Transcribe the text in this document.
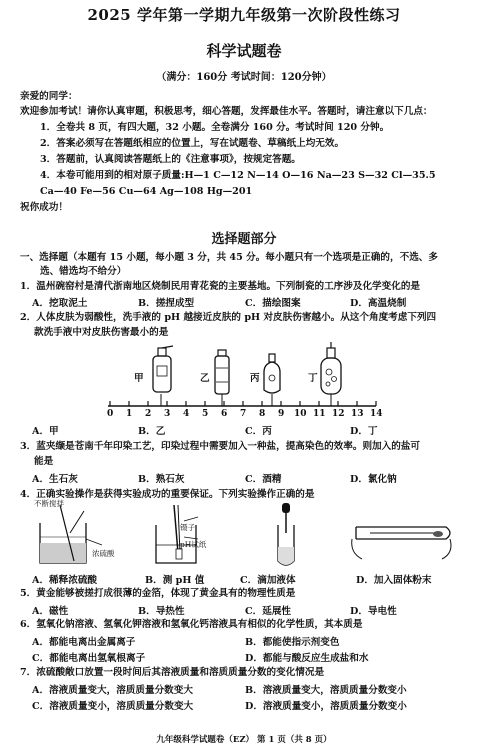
2025 学年第一学期九年级第一次阶段性练习
科学试题卷
（满分：160分 考试时间：120分钟）
亲爱的同学：
欢迎参加考试！请你认真审题，积极思考，细心答题，发挥最佳水平。答题时，请注意以下几点：
1．全卷共 8 页，有四大题，32 小题。全卷满分 160 分。考试时间 120 分钟。
2．答案必须写在答题纸相应的位置上，写在试题卷、草稿纸上均无效。
3．答题前，认真阅读答题纸上的《注意事项》，按规定答题。
4．本卷可能用到的相对原子质量:H—1 C—12 N—14 O—16 Na—23 S—32 Cl—35.5
Ca—40 Fe—56 Cu—64 Ag—108 Hg—201
祝你成功！
选择题部分
一、选择题（本题有 15 小题，每小题 3 分，共 45 分。每小题只有一个选项是正确的，不选、多
选、错选均不给分）
1．温州碗窑村是清代浙南地区烧制民用青花瓷的主要基地。下列制瓷的工序涉及化学变化的是
A．挖取泥土	B．搓捏成型	C．描绘图案	D．高温烧制
2．人体皮肤为弱酸性，洗手液的 pH 越接近皮肤的 pH 对皮肤伤害越小。从这个角度考虑下列四
款洗手液中对皮肤伤害最小的是
甲	乙	丙	丁
0 1 2 3 4 5 6 7 8 9 10 11 12 13 14
A．甲	B．乙	C．丙	D．丁
3．蓝夹缬是苍南千年印染工艺，印染过程中需要加入一种盐，提高染色的效率。则加入的盐可
能是
A．生石灰	B．熟石灰	C．酒精	D．氯化钠
4．正确实验操作是获得实验成功的重要保证。下列实验操作正确的是
不断搅拌
浓硫酸
镊子
pH试纸
A．稀释浓硫酸	B．测 pH 值	C．滴加液体	D．加入固体粉末
5．黄金能够被搓打成很薄的金箔，体现了黄金具有的物理性质是
A．磁性	B．导热性	C．延展性	D．导电性
6．氢氧化钠溶液、氢氧化钾溶液和氢氧化钙溶液具有相似的化学性质，其本质是
A．都能电离出金属离子	B．都能使指示剂变色
C．都能电离出氢氧根离子	D．都能与酸反应生成盐和水
7．浓硫酸敞口放置一段时间后其溶液质量和溶质质量分数的变化情况是
A．溶液质量变大，溶质质量分数变大	B．溶液质量变大，溶质质量分数变小
C．溶液质量变小，溶质质量分数变大	D．溶液质量变小，溶质质量分数变小
九年级科学试题卷（EZ） 第 1 页（共 8 页）
